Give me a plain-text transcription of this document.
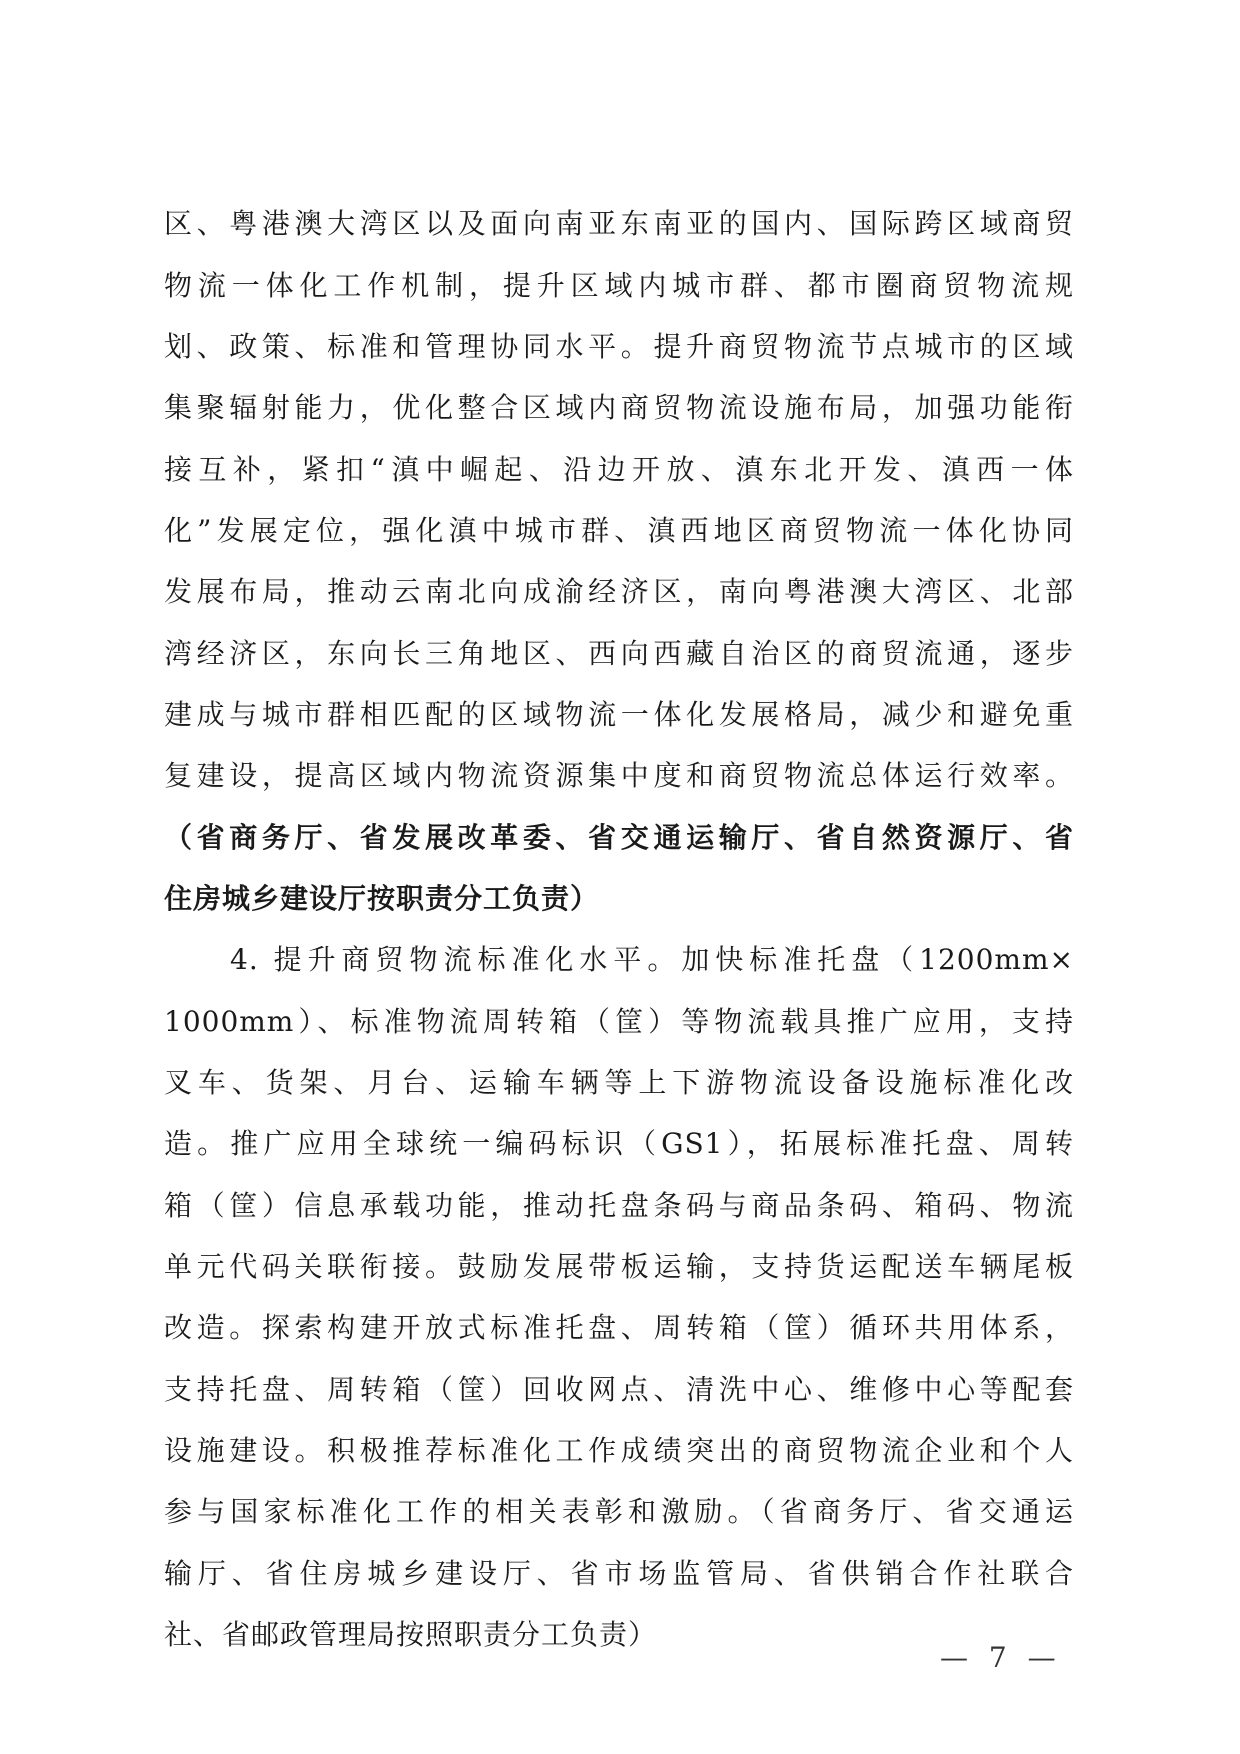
区、粤港澳大湾区以及面向南亚东南亚的国内、国际跨区域商贸
物流一体化工作机制，提升区域内城市群、都市圈商贸物流规
划、政策、标准和管理协同水平。提升商贸物流节点城市的区域
集聚辐射能力，优化整合区域内商贸物流设施布局，加强功能衔
接互补，紧扣“滇中崛起、沿边开放、滇东北开发、滇西一体
化”发展定位，强化滇中城市群、滇西地区商贸物流一体化协同
发展布局，推动云南北向成渝经济区，南向粤港澳大湾区、北部
湾经济区，东向长三角地区、西向西藏自治区的商贸流通，逐步
建成与城市群相匹配的区域物流一体化发展格局，减少和避免重
复建设，提高区域内物流资源集中度和商贸物流总体运行效率。
（省商务厅、省发展改革委、省交通运输厅、省自然资源厅、省
住房城乡建设厅按职责分工负责）
4. 提升商贸物流标准化水平。加快标准托盘（1200mm×
1000mm）、标准物流周转箱（筐）等物流载具推广应用，支持
叉车、货架、月台、运输车辆等上下游物流设备设施标准化改
造。推广应用全球统一编码标识（GS1），拓展标准托盘、周转
箱（筐）信息承载功能，推动托盘条码与商品条码、箱码、物流
单元代码关联衔接。鼓励发展带板运输，支持货运配送车辆尾板
改造。探索构建开放式标准托盘、周转箱（筐）循环共用体系，
支持托盘、周转箱（筐）回收网点、清洗中心、维修中心等配套
设施建设。积极推荐标准化工作成绩突出的商贸物流企业和个人
参与国家标准化工作的相关表彰和激励。（省商务厅、省交通运
输厅、省住房城乡建设厅、省市场监管局、省供销合作社联合
社、省邮政管理局按照职责分工负责）
— 7 —
